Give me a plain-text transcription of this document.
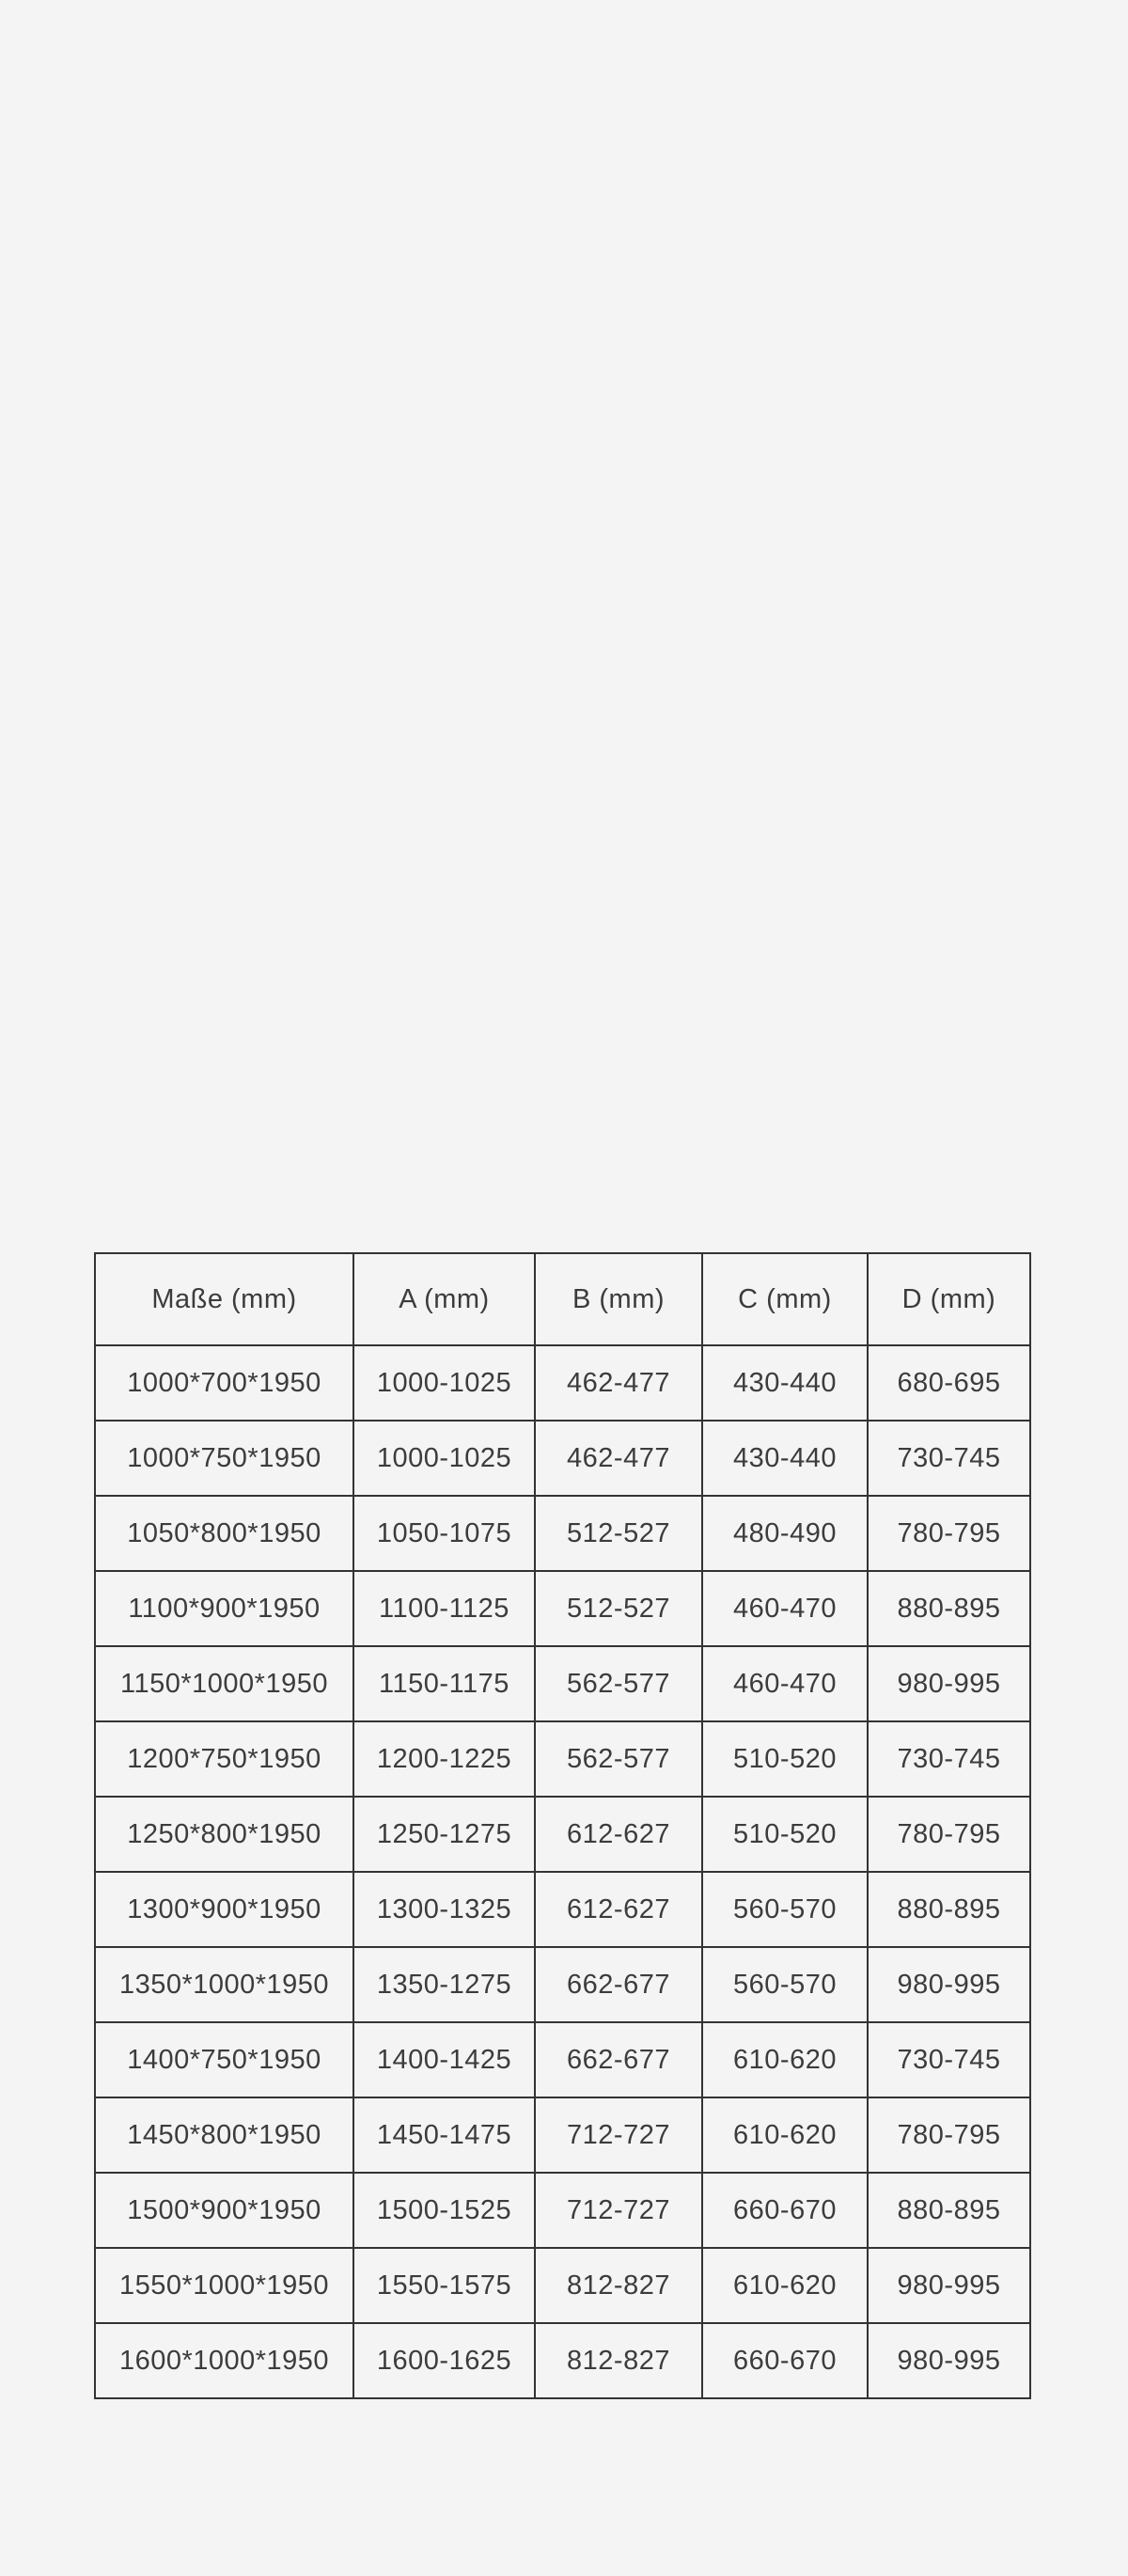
Maße (mm)	A (mm)	B (mm)	C (mm)	D (mm)
1000*700*1950	1000-1025	462-477	430-440	680-695
1000*750*1950	1000-1025	462-477	430-440	730-745
1050*800*1950	1050-1075	512-527	480-490	780-795
1100*900*1950	1100-1125	512-527	460-470	880-895
1150*1000*1950	1150-1175	562-577	460-470	980-995
1200*750*1950	1200-1225	562-577	510-520	730-745
1250*800*1950	1250-1275	612-627	510-520	780-795
1300*900*1950	1300-1325	612-627	560-570	880-895
1350*1000*1950	1350-1275	662-677	560-570	980-995
1400*750*1950	1400-1425	662-677	610-620	730-745
1450*800*1950	1450-1475	712-727	610-620	780-795
1500*900*1950	1500-1525	712-727	660-670	880-895
1550*1000*1950	1550-1575	812-827	610-620	980-995
1600*1000*1950	1600-1625	812-827	660-670	980-995
